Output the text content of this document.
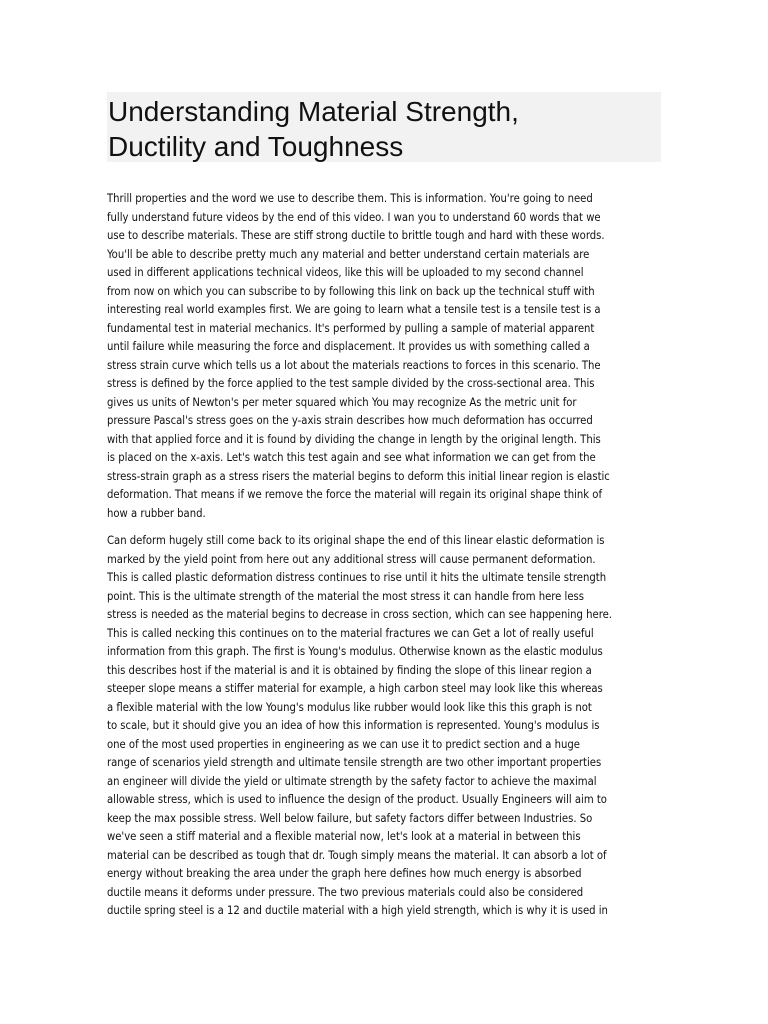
Understanding Material Strength,
Ductility and Toughness
Thrill properties and the word we use to describe them. This is information. You're going to need
fully understand future videos by the end of this video. I wan you to understand 60 words that we
use to describe materials. These are stiff strong ductile to brittle tough and hard with these words.
You'll be able to describe pretty much any material and better understand certain materials are
used in different applications technical videos, like this will be uploaded to my second channel
from now on which you can subscribe to by following this link on back up the technical stuff with
interesting real world examples first. We are going to learn what a tensile test is a tensile test is a
fundamental test in material mechanics. It's performed by pulling a sample of material apparent
until failure while measuring the force and displacement. It provides us with something called a
stress strain curve which tells us a lot about the materials reactions to forces in this scenario. The
stress is defined by the force applied to the test sample divided by the cross-sectional area. This
gives us units of Newton's per meter squared which You may recognize As the metric unit for
pressure Pascal's stress goes on the y-axis strain describes how much deformation has occurred
with that applied force and it is found by dividing the change in length by the original length. This
is placed on the x-axis. Let's watch this test again and see what information we can get from the
stress-strain graph as a stress risers the material begins to deform this initial linear region is elastic
deformation. That means if we remove the force the material will regain its original shape think of
how a rubber band.
Can deform hugely still come back to its original shape the end of this linear elastic deformation is
marked by the yield point from here out any additional stress will cause permanent deformation.
This is called plastic deformation distress continues to rise until it hits the ultimate tensile strength
point. This is the ultimate strength of the material the most stress it can handle from here less
stress is needed as the material begins to decrease in cross section, which can see happening here.
This is called necking this continues on to the material fractures we can Get a lot of really useful
information from this graph. The first is Young's modulus. Otherwise known as the elastic modulus
this describes host if the material is and it is obtained by finding the slope of this linear region a
steeper slope means a stiffer material for example, a high carbon steel may look like this whereas
a flexible material with the low Young's modulus like rubber would look like this this graph is not
to scale, but it should give you an idea of how this information is represented. Young's modulus is
one of the most used properties in engineering as we can use it to predict section and a huge
range of scenarios yield strength and ultimate tensile strength are two other important properties
an engineer will divide the yield or ultimate strength by the safety factor to achieve the maximal
allowable stress, which is used to influence the design of the product. Usually Engineers will aim to
keep the max possible stress. Well below failure, but safety factors differ between Industries. So
we've seen a stiff material and a flexible material now, let's look at a material in between this
material can be described as tough that dr. Tough simply means the material. It can absorb a lot of
energy without breaking the area under the graph here defines how much energy is absorbed
ductile means it deforms under pressure. The two previous materials could also be considered
ductile spring steel is a 12 and ductile material with a high yield strength, which is why it is used in
